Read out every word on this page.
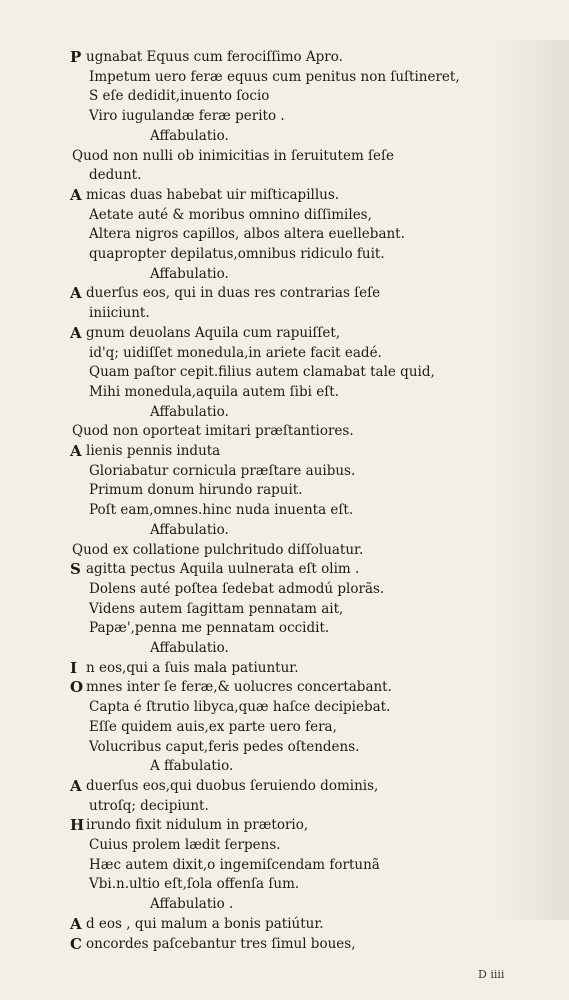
P ugnabat Equus cum ferociſſimo Apro.
Impetum uero feræ equus cum penitus non ſuſtineret,
S eſe dedidit,inuento ſocio
Viro iugulandæ feræ perito .
Affabulatio.
Quod non nulli ob inimicitias in ſeruitutem ſeſe
dedunt.
A micas duas habebat uir miſticapillus.
Aetate auté & moribus omnino diſſimiles,
Altera nigros capillos, albos altera euellebant.
quapropter depilatus,omnibus ridiculo fuit.
Affabulatio.
A duerſus eos, qui in duas res contrarias ſeſe
iniiciunt.
A gnum deuolans Aquila cum rapuiſſet,
id'q; uidiſſet monedula,in ariete facit eadé.
Quam paſtor cepit.filius autem clamabat tale quid,
Mihi monedula,aquila autem ſibi eſt.
Affabulatio.
Quod non oporteat imitari præſtantiores.
A lienis pennis induta
Gloriabatur cornicula præſtare auibus.
Primum donum hirundo rapuit.
Poſt eam,omnes.hinc nuda inuenta eſt.
Affabulatio.
Quod ex collatione pulchritudo diſſoluatur.
S agitta pectus Aquila uulnerata eſt olim .
Dolens auté poſtea ſedebat admodú plorãs.
Videns autem ſagittam pennatam ait,
Papæ',penna me pennatam occidit.
Affabulatio.
I n eos,qui a ſuis mala patiuntur.
O mnes inter ſe feræ,& uolucres concertabant.
Capta é ſtrutio libyca,quæ haſce decipiebat.
Eſſe quidem auis,ex parte uero fera,
Volucribus caput,feris pedes oſtendens.
A ffabulatio.
A duerſus eos,qui duobus ſeruiendo dominis,
utroſq; decipiunt.
H irundo fixit nidulum in prætorio,
Cuius prolem lædit ſerpens.
Hæc autem dixit,o ingemiſcendam fortunã
Vbi.n.ultio eſt,ſola offenſa ſum.
Affabulatio .
A d eos , qui malum a bonis patiútur.
C oncordes paſcebantur tres ſimul boues,
D iiii
